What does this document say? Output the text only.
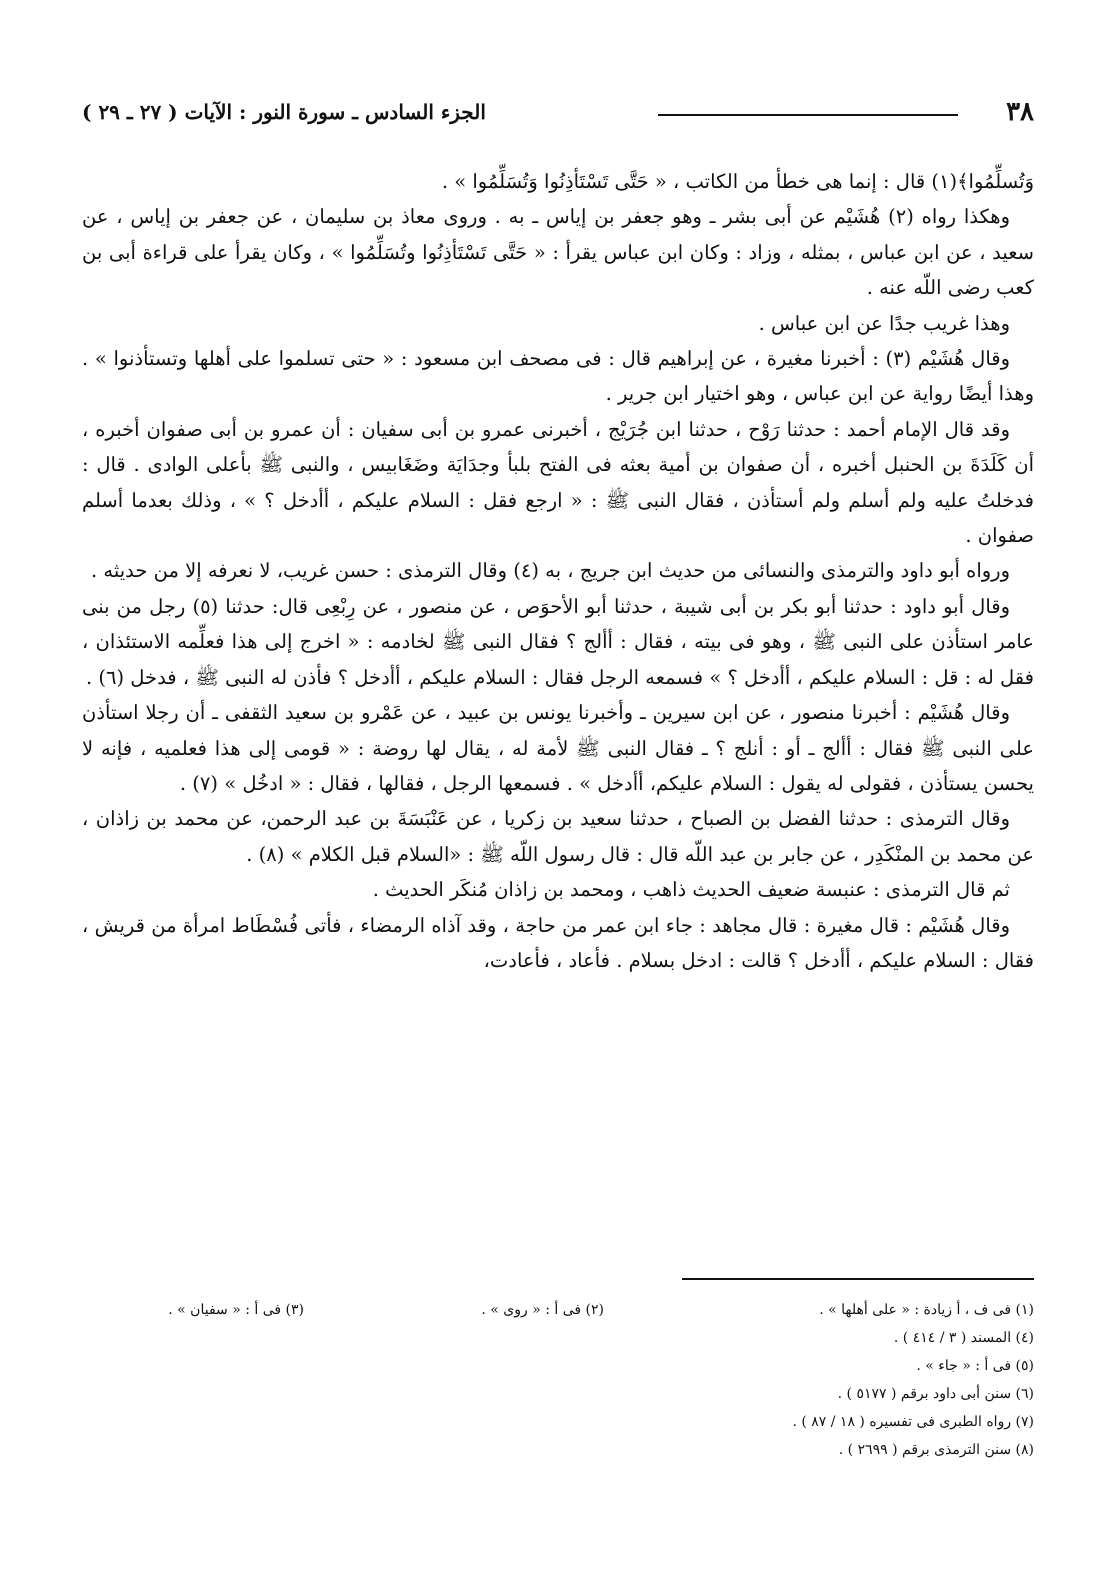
٣٨
الجزء السادس ـ سورة النور : الآيات ( ٢٧ ـ ٢٩ )

وَتُسلِّمُوا﴾(١) قال : إنما هى خطأ من الكاتب ، « حَتَّى تَسْتَأذِنُوا وَتُسَلِّمُوا » .

وهكذا رواه (٢) هُشَيْم عن أبى بشر ـ وهو جعفر بن إياس ـ به . وروى معاذ بن سليمان ، عن جعفر بن إياس ، عن سعيد ، عن ابن عباس ، بمثله ، وزاد : وكان ابن عباس يقرأ : « حَتَّى تَسْتَأذِنُوا وتُسَلِّمُوا » ، وكان يقرأ على قراءة أبى بن كعب رضى اللّه عنه .

وهذا غريب جدًا عن ابن عباس .

وقال هُشَيْم (٣) : أخبرنا مغيرة ، عن إبراهيم قال : فى مصحف ابن مسعود : « حتى تسلموا على أهلها وتستأذنوا » . وهذا أيضًا رواية عن ابن عباس ، وهو اختيار ابن جرير .

وقد قال الإمام أحمد : حدثنا رَوْح ، حدثنا ابن جُرَيْج ، أخبرنى عمرو بن أبى سفيان : أن عمرو بن أبى صفوان أخبره ، أن كَلَدَةَ بن الحنبل أخبره ، أن صفوان بن أمية بعثه فى الفتح بلبأ وجدَايَة وضَغَابيس ، والنبى ﷺ بأعلى الوادى . قال : فدخلتُ عليه ولم أسلم ولم أستأذن ، فقال النبى ﷺ : « ارجع فقل : السلام عليكم ، أأدخل ؟ » ، وذلك بعدما أسلم صفوان .

ورواه أبو داود والترمذى والنسائى من حديث ابن جريج ، به (٤) وقال الترمذى : حسن غريب، لا نعرفه إلا من حديثه .

وقال أبو داود : حدثنا أبو بكر بن أبى شيبة ، حدثنا أبو الأحوَص ، عن منصور ، عن رِبْعِى قال: حدثنا (٥) رجل من بنى عامر استأذن على النبى ﷺ ، وهو فى بيته ، فقال : أألج ؟ فقال النبى ﷺ لخادمه : « اخرج إلى هذا فعلِّمه الاستئذان ، فقل له : قل : السلام عليكم ، أأدخل ؟ » فسمعه الرجل فقال : السلام عليكم ، أأدخل ؟ فأذن له النبى ﷺ ، فدخل (٦) .

وقال هُشَيْم : أخبرنا منصور ، عن ابن سيرين ـ وأخبرنا يونس بن عبيد ، عن عَمْرو بن سعيد الثقفى ـ أن رجلا استأذن على النبى ﷺ فقال : أألج ـ أو : أنلج ؟ ـ فقال النبى ﷺ لأمة له ، يقال لها روضة : « قومى إلى هذا فعلميه ، فإنه لا يحسن يستأذن ، فقولى له يقول : السلام عليكم، أأدخل » . فسمعها الرجل ، فقالها ، فقال : « ادخُل » (٧) .

وقال الترمذى : حدثنا الفضل بن الصباح ، حدثنا سعيد بن زكريا ، عن عَنْبَسَةَ بن عبد الرحمن، عن محمد بن زاذان ، عن محمد بن المنْكَدِر ، عن جابر بن عبد اللّه قال : قال رسول اللّه ﷺ : «السلام قبل الكلام » (٨) .

ثم قال الترمذى : عنبسة ضعيف الحديث ذاهب ، ومحمد بن زاذان مُنكَر الحديث .

وقال هُشَيْم : قال مغيرة : قال مجاهد : جاء ابن عمر من حاجة ، وقد آذاه الرمضاء ، فأتى فُسْطَاط امرأة من قريش ، فقال : السلام عليكم ، أأدخل ؟ قالت : ادخل بسلام . فأعاد ، فأعادت،

(١) فى ف ، أ زيادة : « على أهلها » .
(٢) فى أ : « روى » .
(٣) فى أ : « سفيان » .
(٤) المسند ( ٣ / ٤١٤ ) .
(٥) فى أ : « جاء » .
(٦) سنن أبى داود برقم ( ٥١٧٧ ) .
(٧) رواه الطبرى فى تفسيره ( ١٨ / ٨٧ ) .
(٨) سنن الترمذى برقم ( ٢٦٩٩ ) .
